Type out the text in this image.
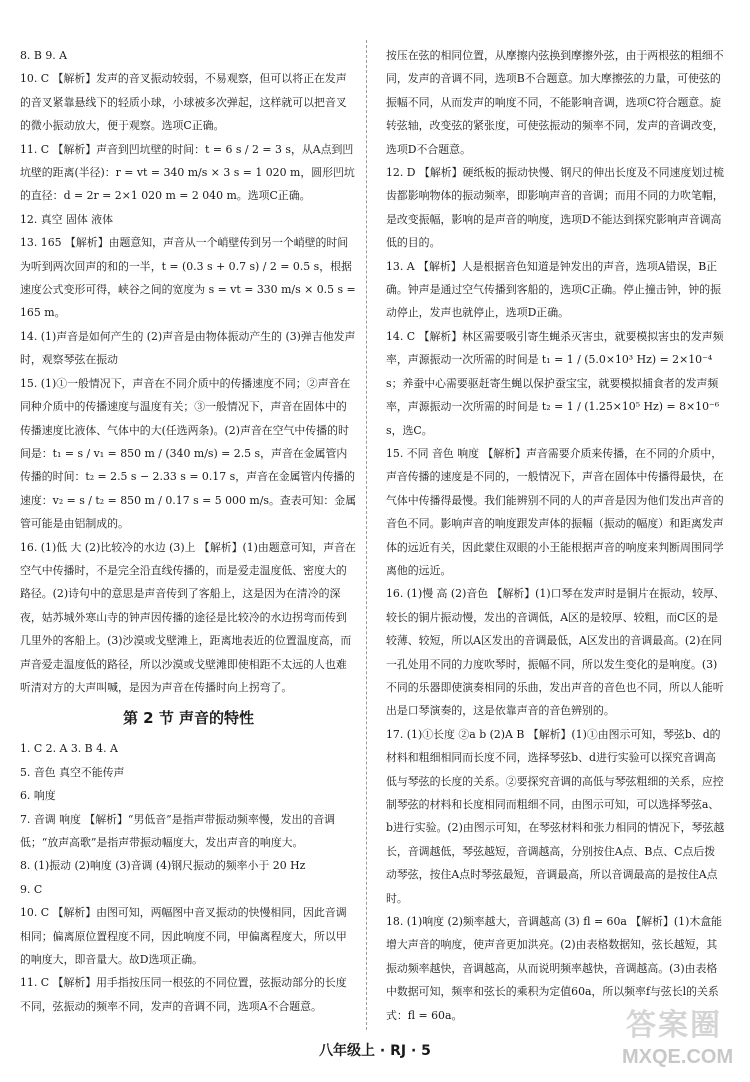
8. B 9. A

10. C 【解析】发声的音叉振动较弱，不易观察，但可以将正在发声的音叉紧靠悬线下的轻质小球，小球被多次弹起，这样就可以把音叉的微小振动放大，便于观察。选项C正确。

11. C 【解析】声音到凹坑壁的时间：t = 6 s / 2 = 3 s，从A点到凹坑壁的距离(半径)：r = vt = 340 m/s × 3 s = 1 020 m，圆形凹坑的直径：d = 2r = 2×1 020 m = 2 040 m。选项C正确。

12. 真空 固体 液体

13. 165 【解析】由题意知，声音从一个峭壁传到另一个峭壁的时间为听到两次回声的和的一半，t = (0.3 s + 0.7 s) / 2 = 0.5 s，根据速度公式变形可得，峡谷之间的宽度为 s = vt = 330 m/s × 0.5 s = 165 m。

14. (1)声音是如何产生的 (2)声音是由物体振动产生的 (3)弹吉他发声时，观察琴弦在振动

15. (1)①一般情况下，声音在不同介质中的传播速度不同；②声音在同种介质中的传播速度与温度有关；③一般情况下，声音在固体中的传播速度比液体、气体中的大(任选两条)。(2)声音在空气中传播的时间是：t₁ = s / v₁ = 850 m / (340 m/s) = 2.5 s，声音在金属管内传播的时间：t₂ = 2.5 s − 2.33 s = 0.17 s，声音在金属管内传播的速度：v₂ = s / t₂ = 850 m / 0.17 s = 5 000 m/s。查表可知：金属管可能是由铝制成的。

16. (1)低 大 (2)比较冷的水边 (3)上 【解析】(1)由题意可知，声音在空气中传播时，不是完全沿直线传播的，而是爱走温度低、密度大的路径。(2)诗句中的意思是声音传到了客船上，这是因为在清冷的深夜，姑苏城外寒山寺的钟声因传播的途径是比较冷的水边拐弯而传到几里外的客船上。(3)沙漠或戈壁滩上，距离地表近的位置温度高，而声音爱走温度低的路径，所以沙漠或戈壁滩即使相距不太远的人也难听清对方的大声叫喊，是因为声音在传播时向上拐弯了。

第 2 节 声音的特性

1. C 2. A 3. B 4. A

5. 音色 真空不能传声

6. 响度

7. 音调 响度 【解析】“男低音”是指声带振动频率慢，发出的音调低；“放声高歌”是指声带振动幅度大，发出声音的响度大。

8. (1)振动 (2)响度 (3)音调 (4)钢尺振动的频率小于 20 Hz

9. C

10. C 【解析】由图可知，两幅图中音叉振动的快慢相同，因此音调相同；偏离原位置程度不同，因此响度不同，甲偏离程度大，所以甲的响度大，即音量大。故D选项正确。

11. C 【解析】用手指按压同一根弦的不同位置，弦振动部分的长度不同，弦振动的频率不同，发声的音调不同，选项A不合题意。

按压在弦的相同位置，从摩擦内弦换到摩擦外弦，由于两根弦的粗细不同，发声的音调不同，选项B不合题意。加大摩擦弦的力量，可使弦的振幅不同，从而发声的响度不同，不能影响音调，选项C符合题意。旋转弦轴，改变弦的紧张度，可使弦振动的频率不同，发声的音调改变，选项D不合题意。

12. D 【解析】硬纸板的振动快慢、钢尺的伸出长度及不同速度划过梳齿都影响物体的振动频率，即影响声音的音调；而用不同的力吹笔帽，是改变振幅，影响的是声音的响度，选项D不能达到探究影响声音调高低的目的。

13. A 【解析】人是根据音色知道是钟发出的声音，选项A错误，B正确。钟声是通过空气传播到客船的，选项C正确。停止撞击钟，钟的振动停止，发声也就停止，选项D正确。

14. C 【解析】林区需要吸引寄生蝇杀灭害虫，就要模拟害虫的发声频率，声源振动一次所需的时间是 t₁ = 1 / (5.0×10³ Hz) = 2×10⁻⁴ s；养蚕中心需要驱赶寄生蝇以保护蚕宝宝，就要模拟捕食者的发声频率，声源振动一次所需的时间是 t₂ = 1 / (1.25×10⁵ Hz) = 8×10⁻⁶ s，选C。

15. 不同 音色 响度 【解析】声音需要介质来传播，在不同的介质中，声音传播的速度是不同的，一般情况下，声音在固体中传播得最快，在气体中传播得最慢。我们能辨别不同的人的声音是因为他们发出声音的音色不同。影响声音的响度跟发声体的振幅（振动的幅度）和距离发声体的远近有关，因此蒙住双眼的小王能根据声音的响度来判断周围同学离他的远近。

16. (1)慢 高 (2)音色 【解析】(1)口琴在发声时是铜片在振动，较厚、较长的铜片振动慢，发出的音调低，A区的是较厚、较粗，而C区的是较薄、较短，所以A区发出的音调最低，A区发出的音调最高。(2)在同一孔处用不同的力度吹琴时，振幅不同，所以发生变化的是响度。(3)不同的乐器即使演奏相同的乐曲，发出声音的音色也不同，所以人能听出是口琴演奏的，这是依靠声音的音色辨别的。

17. (1)①长度 ②a b (2)A B 【解析】(1)①由图示可知，琴弦b、d的材料和粗细相同而长度不同，选择琴弦b、d进行实验可以探究音调高低与琴弦的长度的关系。②要探究音调的高低与琴弦粗细的关系，应控制琴弦的材料和长度相同而粗细不同，由图示可知，可以选择琴弦a、b进行实验。(2)由图示可知，在琴弦材料和张力相同的情况下，琴弦越长，音调越低，琴弦越短，音调越高，分别按住A点、B点、C点后拨动琴弦，按住A点时琴弦最短，音调最高，所以音调最高的是按住A点时。

18. (1)响度 (2)频率越大，音调越高 (3) fl = 60a 【解析】(1)木盒能增大声音的响度，使声音更加洪亮。(2)由表格数据知，弦长越短，其振动频率越快，音调越高，从而说明频率越快，音调越高。(3)由表格中数据可知，频率和弦长的乘积为定值60a，所以频率f与弦长l的关系式：fl = 60a。

八年级上 · RJ · 5
答案圈
MXQE.COM
